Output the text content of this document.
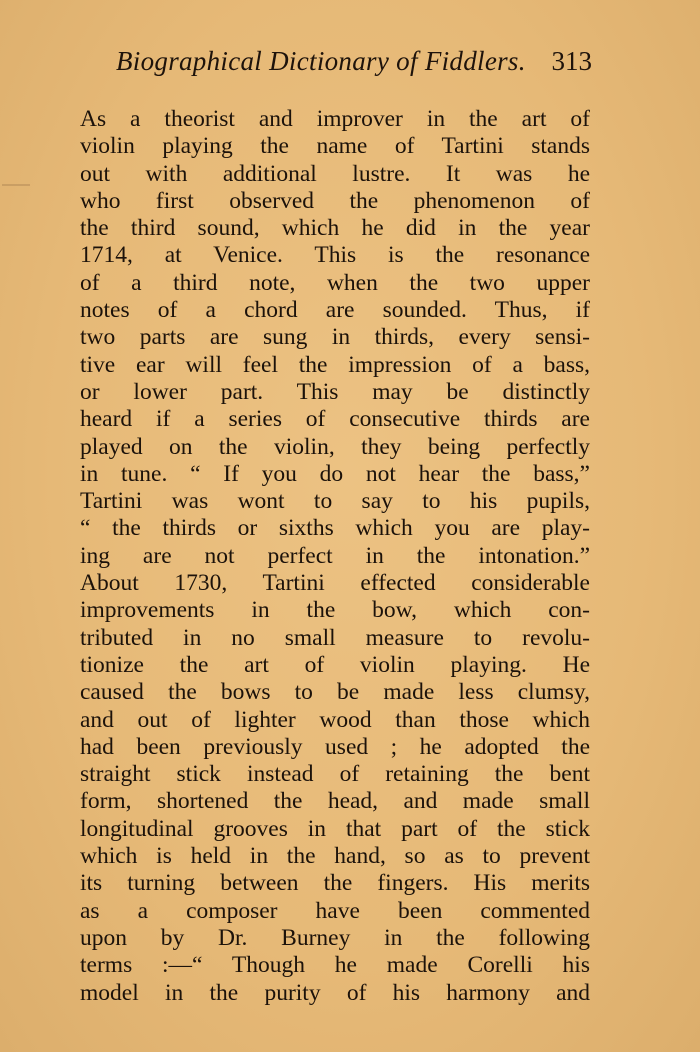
Biographical Dictionary of Fiddlers. 313
As a theorist and improver in the art of
violin playing the name of Tartini stands
out with additional lustre. It was he
who first observed the phenomenon of
the third sound, which he did in the year
1714, at Venice. This is the resonance
of a third note, when the two upper
notes of a chord are sounded. Thus, if
two parts are sung in thirds, every sensi-
tive ear will feel the impression of a bass,
or lower part. This may be distinctly
heard if a series of consecutive thirds are
played on the violin, they being perfectly
in tune. “ If you do not hear the bass,”
Tartini was wont to say to his pupils,
“ the thirds or sixths which you are play-
ing are not perfect in the intonation.”
About 1730, Tartini effected considerable
improvements in the bow, which con-
tributed in no small measure to revolu-
tionize the art of violin playing. He
caused the bows to be made less clumsy,
and out of lighter wood than those which
had been previously used ; he adopted the
straight stick instead of retaining the bent
form, shortened the head, and made small
longitudinal grooves in that part of the stick
which is held in the hand, so as to prevent
its turning between the fingers. His merits
as a composer have been commented
upon by Dr. Burney in the following
terms :—“ Though he made Corelli his
model in the purity of his harmony and
